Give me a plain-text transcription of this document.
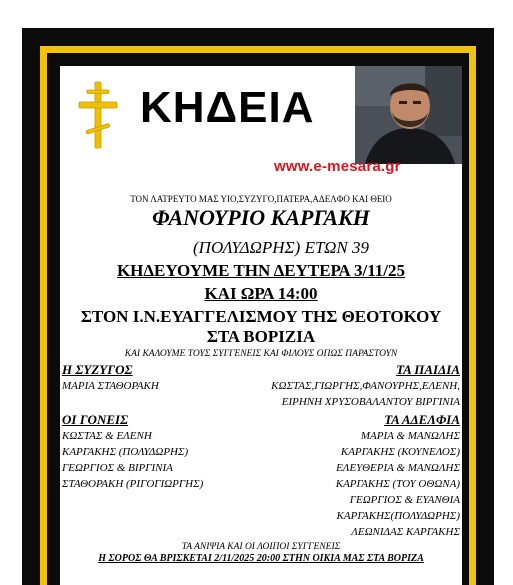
ΚΗΔΕΙΑ
www.e-mesara.gr
ΤΟΝ ΛΑΤΡΕΥΤΟ ΜΑΣ ΥΙΟ,ΣΥΖΥΓΟ,ΠΑΤΕΡΑ,ΑΔΕΛΦΟ ΚΑΙ ΘΕΙΟ
ΦΑΝΟΥΡΙΟ ΚΑΡΓΑΚΗ
(ΠΟΛΥΔΩΡΗΣ) ΕΤΩΝ 39
ΚΗΔΕΥΟΥΜΕ ΤΗΝ ΔΕΥΤΕΡΑ 3/11/25
ΚΑΙ ΩΡΑ 14:00
ΣΤΟΝ Ι.Ν.ΕΥΑΓΓΕΛΙΣΜΟΥ ΤΗΣ ΘΕΟΤΟΚΟΥ
ΣΤΑ ΒΟΡΙΖΙΑ
ΚΑΙ ΚΑΛΟΥΜΕ ΤΟΥΣ ΣΥΓΓΕΝΕΙΣ ΚΑΙ ΦΙΛΟΥΣ ΟΠΩΣ ΠΑΡΑΣΤΟΥΝ
Η ΣΥΖΥΓΟΣ
ΜΑΡΙΑ ΣΤΑΘΟΡΑΚΗ
ΤΑ ΠΑΙΔΙΑ
ΚΩΣΤΑΣ,ΓΙΩΡΓΗΣ,ΦΑΝΟΥΡΗΣ,ΕΛΕΝΗ,
ΕΙΡΗΝΗ ΧΡΥΣΟΒΑΛΑΝΤΟΥ ΒΙΡΓΙΝΙΑ
ΟΙ ΓΟΝΕΙΣ
ΚΩΣΤΑΣ & ΕΛΕΝΗ
ΚΑΡΓΑΚΗΣ (ΠΟΛΥΔΩΡΗΣ)
ΓΕΩΡΓΙΟΣ & ΒΙΡΓΙΝΙΑ
ΣΤΑΘΟΡΑΚΗ (ΡΙΓΟΓΙΩΡΓΗΣ)
ΤΑ ΑΔΕΛΦΙΑ
ΜΑΡΙΑ & ΜΑΝΩΛΗΣ
ΚΑΡΓΑΚΗΣ (ΚΟΥΝΕΛΟΣ)
ΕΛΕΥΘΕΡΙΑ & ΜΑΝΩΛΗΣ
ΚΑΡΓΑΚΗΣ (ΤΟΥ ΟΘΩΝΑ)
ΓΕΩΡΓΙΟΣ & ΕΥΑΝΘΙΑ
ΚΑΡΓΑΚΗΣ(ΠΟΛΥΔΩΡΗΣ)
ΛΕΩΝΙΔΑΣ ΚΑΡΓΑΚΗΣ
ΤΑ ΑΝΙΨΙΑ ΚΑΙ ΟΙ ΛΟΙΠΟΙ ΣΥΓΓΕΝΕΙΣ
Η ΣΟΡΟΣ ΘΑ ΒΡΙΣΚΕΤΑΙ 2/11/2025 20:00 ΣΤΗΝ ΟΙΚΙΑ ΜΑΣ ΣΤΑ ΒΟΡΙΖΑ
